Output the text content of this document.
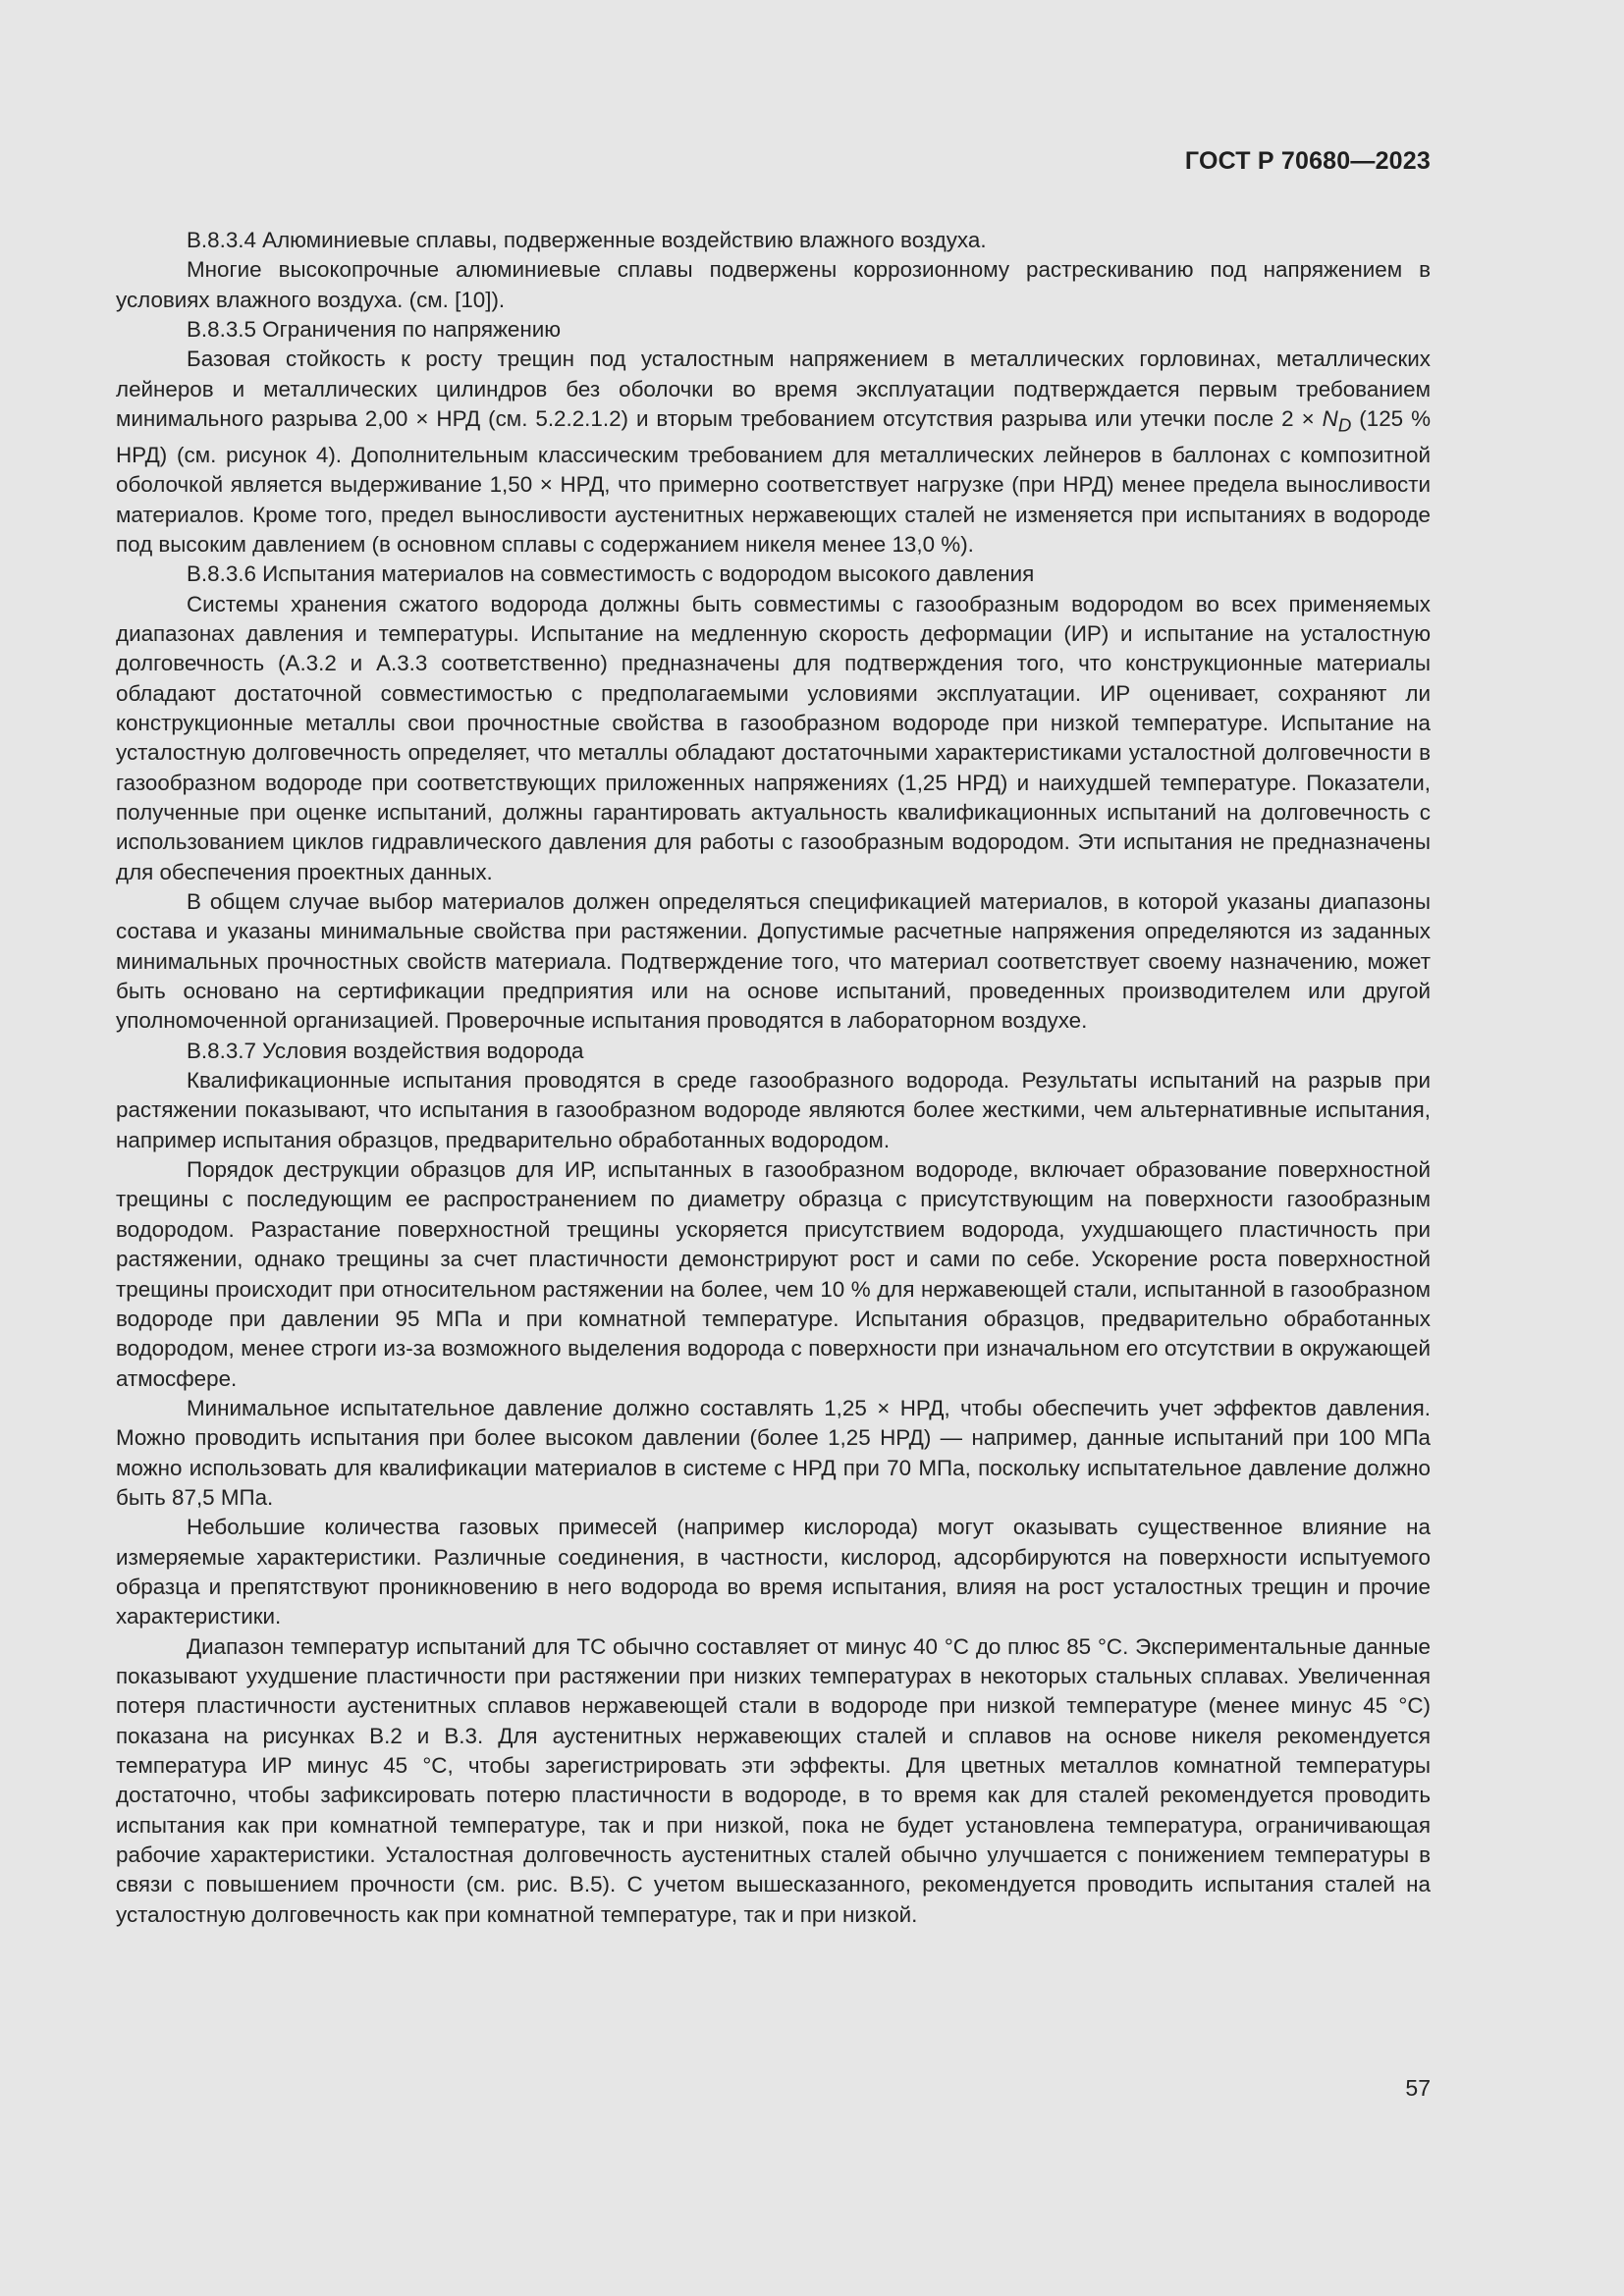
ГОСТ Р 70680—2023

В.8.3.4 Алюминиевые сплавы, подверженные воздействию влажного воздуха.

Многие высокопрочные алюминиевые сплавы подвержены коррозионному растрескиванию под напряжением в условиях влажного воздуха. (см. [10]).

В.8.3.5 Ограничения по напряжению

Базовая стойкость к росту трещин под усталостным напряжением в металлических горловинах, металлических лейнеров и металлических цилиндров без оболочки во время эксплуатации подтверждается первым требованием минимального разрыва 2,00 × НРД (см. 5.2.2.1.2) и вторым требованием отсутствия разрыва или утечки после $2 \times N_D$ (125 % НРД) (см. рисунок 4). Дополнительным классическим требованием для металлических лейнеров в баллонах с композитной оболочкой является выдерживание 1,50 × НРД, что примерно соответствует нагрузке (при НРД) менее предела выносливости материалов. Кроме того, предел выносливости аустенитных нержавеющих сталей не изменяется при испытаниях в водороде под высоким давлением (в основном сплавы с содержанием никеля менее 13,0 %).

В.8.3.6 Испытания материалов на совместимость с водородом высокого давления

Системы хранения сжатого водорода должны быть совместимы с газообразным водородом во всех применяемых диапазонах давления и температуры. Испытание на медленную скорость деформации (ИР) и испытание на усталостную долговечность (А.3.2 и А.3.3 соответственно) предназначены для подтверждения того, что конструкционные материалы обладают достаточной совместимостью с предполагаемыми условиями эксплуатации. ИР оценивает, сохраняют ли конструкционные металлы свои прочностные свойства в газообразном водороде при низкой температуре. Испытание на усталостную долговечность определяет, что металлы обладают достаточными характеристиками усталостной долговечности в газообразном водороде при соответствующих приложенных напряжениях (1,25 НРД) и наихудшей температуре. Показатели, полученные при оценке испытаний, должны гарантировать актуальность квалификационных испытаний на долговечность с использованием циклов гидравлического давления для работы с газообразным водородом. Эти испытания не предназначены для обеспечения проектных данных.

В общем случае выбор материалов должен определяться спецификацией материалов, в которой указаны диапазоны состава и указаны минимальные свойства при растяжении. Допустимые расчетные напряжения определяются из заданных минимальных прочностных свойств материала. Подтверждение того, что материал соответствует своему назначению, может быть основано на сертификации предприятия или на основе испытаний, проведенных производителем или другой уполномоченной организацией. Проверочные испытания проводятся в лабораторном воздухе.

В.8.3.7 Условия воздействия водорода

Квалификационные испытания проводятся в среде газообразного водорода. Результаты испытаний на разрыв при растяжении показывают, что испытания в газообразном водороде являются более жесткими, чем альтернативные испытания, например испытания образцов, предварительно обработанных водородом.

Порядок деструкции образцов для ИР, испытанных в газообразном водороде, включает образование поверхностной трещины с последующим ее распространением по диаметру образца с присутствующим на поверхности газообразным водородом. Разрастание поверхностной трещины ускоряется присутствием водорода, ухудшающего пластичность при растяжении, однако трещины за счет пластичности демонстрируют рост и сами по себе. Ускорение роста поверхностной трещины происходит при относительном растяжении на более, чем 10 % для нержавеющей стали, испытанной в газообразном водороде при давлении 95 МПа и при комнатной температуре. Испытания образцов, предварительно обработанных водородом, менее строги из-за возможного выделения водорода с поверхности при изначальном его отсутствии в окружающей атмосфере.

Минимальное испытательное давление должно составлять 1,25 × НРД, чтобы обеспечить учет эффектов давления. Можно проводить испытания при более высоком давлении (более 1,25 НРД) — например, данные испытаний при 100 МПа можно использовать для квалификации материалов в системе с НРД при 70 МПа, поскольку испытательное давление должно быть 87,5 МПа.

Небольшие количества газовых примесей (например кислорода) могут оказывать существенное влияние на измеряемые характеристики. Различные соединения, в частности, кислород, адсорбируются на поверхности испытуемого образца и препятствуют проникновению в него водорода во время испытания, влияя на рост усталостных трещин и прочие характеристики.

Диапазон температур испытаний для ТС обычно составляет от минус 40 °C до плюс 85 °C. Экспериментальные данные показывают ухудшение пластичности при растяжении при низких температурах в некоторых стальных сплавах. Увеличенная потеря пластичности аустенитных сплавов нержавеющей стали в водороде при низкой температуре (менее минус 45 °C) показана на рисунках В.2 и В.3. Для аустенитных нержавеющих сталей и сплавов на основе никеля рекомендуется температура ИР минус 45 °C, чтобы зарегистрировать эти эффекты. Для цветных металлов комнатной температуры достаточно, чтобы зафиксировать потерю пластичности в водороде, в то время как для сталей рекомендуется проводить испытания как при комнатной температуре, так и при низкой, пока не будет установлена температура, ограничивающая рабочие характеристики. Усталостная долговечность аустенитных сталей обычно улучшается с понижением температуры в связи с повышением прочности (см. рис. В.5). С учетом вышесказанного, рекомендуется проводить испытания сталей на усталостную долговечность как при комнатной температуре, так и при низкой.

57
